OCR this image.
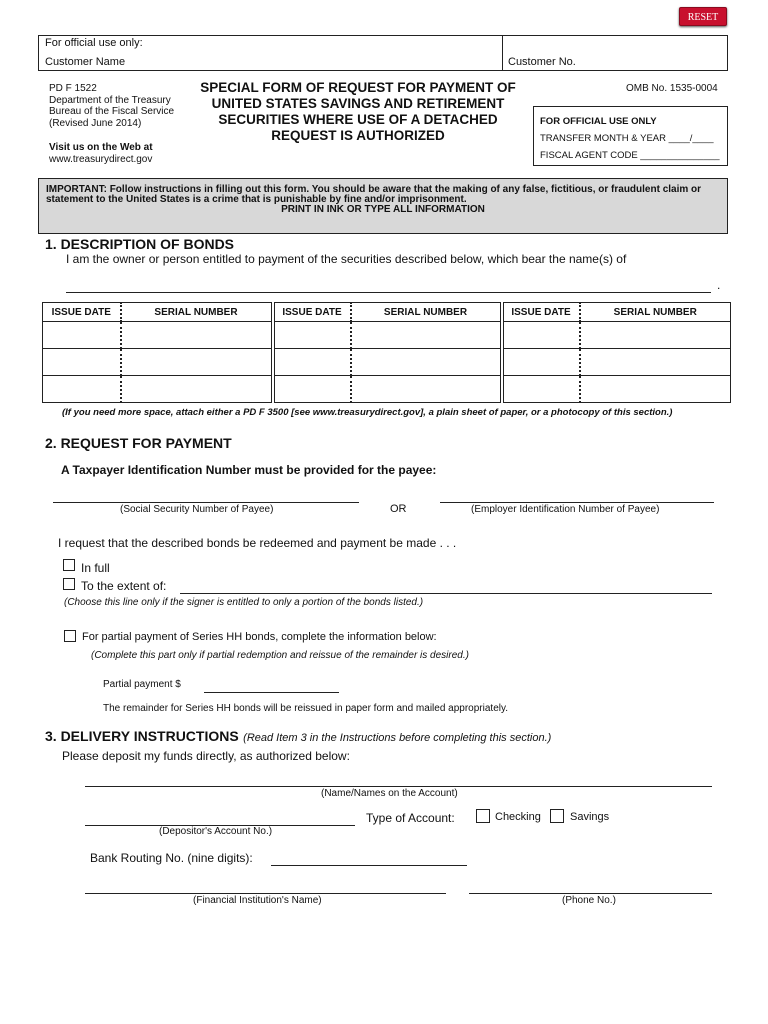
RESET
For official use only:
Customer Name	Customer No.
PD F 1522
Department of the Treasury
Bureau of the Fiscal Service
(Revised June 2014)
Visit us on the Web at
www.treasurydirect.gov
SPECIAL FORM OF REQUEST FOR PAYMENT OF
UNITED STATES SAVINGS AND RETIREMENT
SECURITIES WHERE USE OF A DETACHED
REQUEST IS AUTHORIZED
OMB No. 1535-0004
FOR OFFICIAL USE ONLY
TRANSFER MONTH & YEAR ____/____
FISCAL AGENT CODE _______________
IMPORTANT: Follow instructions in filling out this form. You should be aware that the making of any false, fictitious, or fraudulent claim or
statement to the United States is a crime that is punishable by fine and/or imprisonment.
PRINT IN INK OR TYPE ALL INFORMATION
1. DESCRIPTION OF BONDS
I am the owner or person entitled to payment of the securities described below, which bear the name(s) of
.
ISSUE DATE	SERIAL NUMBER	ISSUE DATE	SERIAL NUMBER	ISSUE DATE	SERIAL NUMBER

(If you need more space, attach either a PD F 3500 [see www.treasurydirect.gov], a plain sheet of paper, or a photocopy of this section.)
2. REQUEST FOR PAYMENT
A Taxpayer Identification Number must be provided for the payee:
(Social Security Number of Payee)	OR	(Employer Identification Number of Payee)
I request that the described bonds be redeemed and payment be made . . .
In full
To the extent of:
(Choose this line only if the signer is entitled to only a portion of the bonds listed.)
For partial payment of Series HH bonds, complete the information below:
(Complete this part only if partial redemption and reissue of the remainder is desired.)
Partial payment $
The remainder for Series HH bonds will be reissued in paper form and mailed appropriately.
3. DELIVERY INSTRUCTIONS (Read Item 3 in the Instructions before completing this section.)
Please deposit my funds directly, as authorized below:
(Name/Names on the Account)
(Depositor's Account No.)
Type of Account:	Checking	Savings
Bank Routing No. (nine digits):
(Financial Institution's Name)	(Phone No.)
